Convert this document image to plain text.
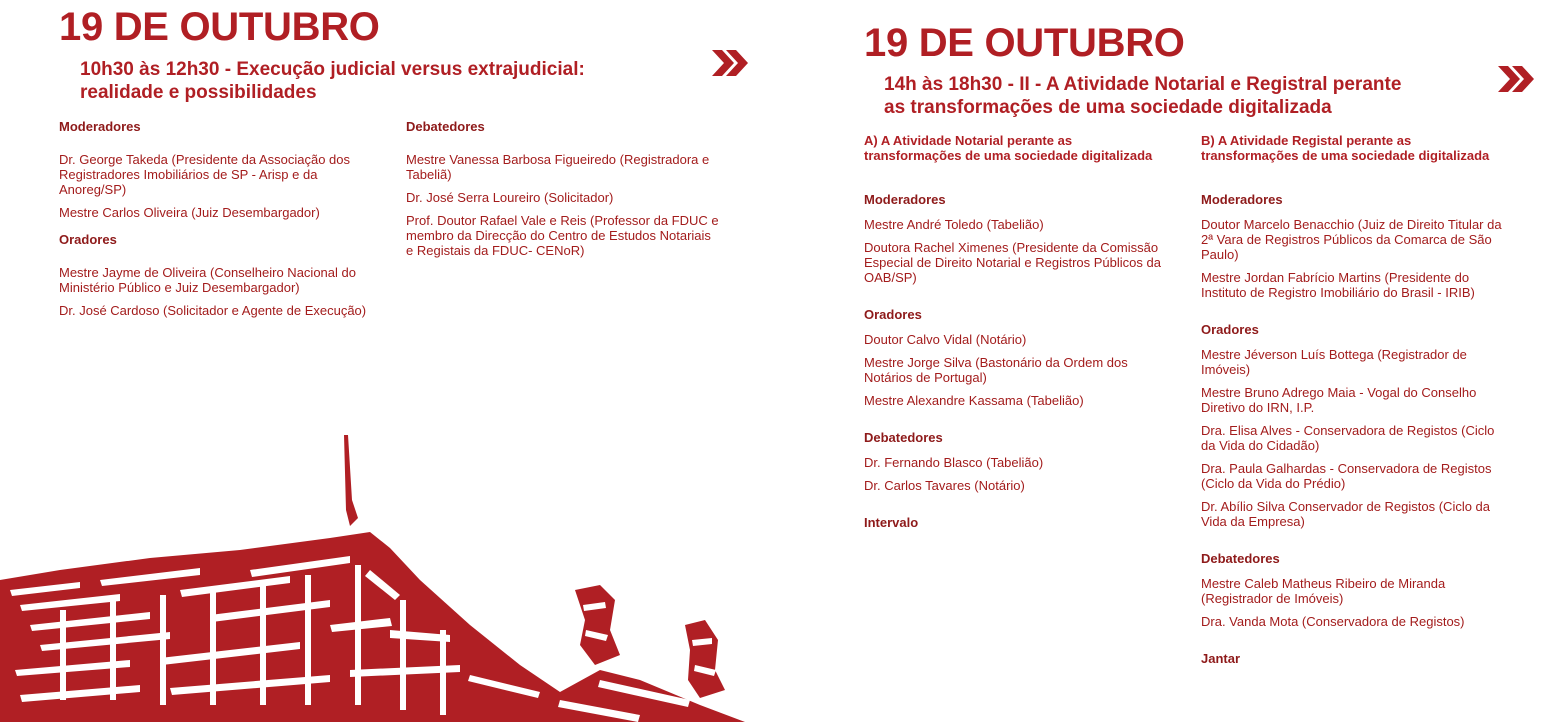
19 DE OUTUBRO
10h30 às 12h30 - Execução judicial versus extrajudicial:
realidade e possibilidades

Moderadores

Dr. George Takeda (Presidente da Associação dos Registradores Imobiliários de SP - Arisp e da Anoreg/SP)

Mestre Carlos Oliveira (Juiz Desembargador)

Oradores

Mestre Jayme de Oliveira (Conselheiro Nacional do Ministério Público e Juiz Desembargador)

Dr. José Cardoso (Solicitador e Agente de Execução)

Debatedores

Mestre Vanessa Barbosa Figueiredo (Registradora e Tabeliã)

Dr. José Serra Loureiro (Solicitador)

Prof. Doutor Rafael Vale e Reis (Professor da FDUC e membro da Direcção do Centro de Estudos Notariais e Registais da FDUC- CENoR)

19 DE OUTUBRO
14h às 18h30 - II - A Atividade Notarial e Registral perante
as transformações de uma sociedade digitalizada

A) A Atividade Notarial perante as transformações de uma sociedade digitalizada

Moderadores

Mestre André Toledo (Tabelião)

Doutora Rachel Ximenes (Presidente da Comissão Especial de Direito Notarial e Registros Públicos da OAB/SP)

Oradores

Doutor Calvo Vidal (Notário)

Mestre Jorge Silva (Bastonário da Ordem dos Notários de Portugal)

Mestre Alexandre Kassama (Tabelião)

Debatedores

Dr. Fernando Blasco (Tabelião)

Dr. Carlos Tavares (Notário)

Intervalo

B) A Atividade Registal perante as transformações de uma sociedade digitalizada

Moderadores

Doutor Marcelo Benacchio (Juiz de Direito Titular da 2ª Vara de Registros Públicos da Comarca de São Paulo)

Mestre Jordan Fabrício Martins (Presidente do Instituto de Registro Imobiliário do Brasil - IRIB)

Oradores

Mestre Jéverson Luís Bottega (Registrador de Imóveis)

Mestre Bruno Adrego Maia - Vogal do Conselho Diretivo do IRN, I.P.

Dra. Elisa Alves - Conservadora de Registos (Ciclo da Vida do Cidadão)

Dra. Paula Galhardas - Conservadora de Registos (Ciclo da Vida do Prédio)

Dr. Abílio Silva Conservador de Registos (Ciclo da Vida da Empresa)

Debatedores

Mestre Caleb Matheus Ribeiro de Miranda (Registrador de Imóveis)

Dra. Vanda Mota (Conservadora de Registos)

Jantar
